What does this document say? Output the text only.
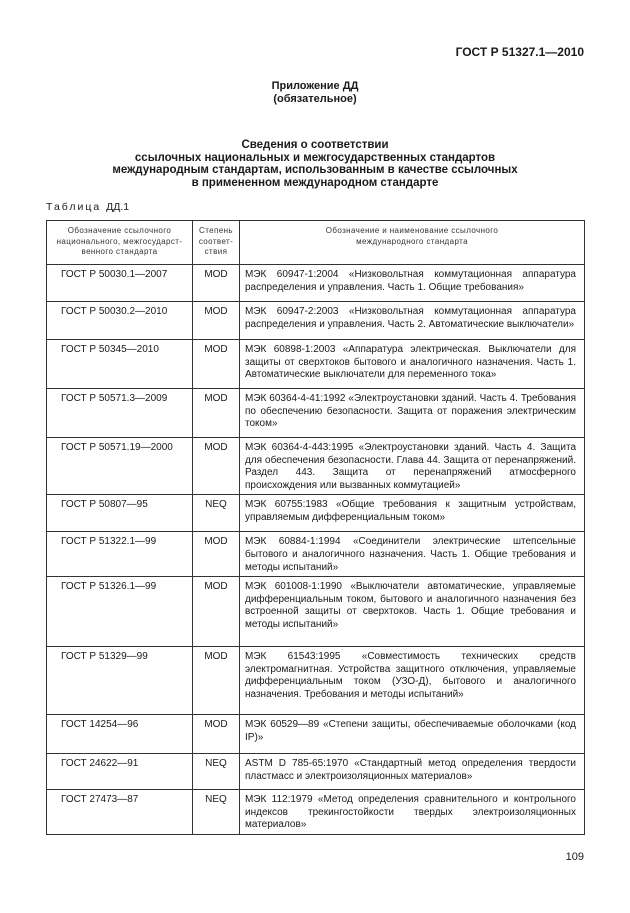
ГОСТ Р 51327.1—2010
Приложение ДД
(обязательное)
Сведения о соответствии
ссылочных национальных и межгосударственных стандартов
международным стандартам, использованным в качестве ссылочных
в примененном международном стандарте
Таблица ДД.1
Обозначение ссылочного национального, межгосударст-венного стандарта	Степень соответ-ствия	Обозначение и наименование ссылочного международного стандарта
ГОСТ Р 50030.1—2007	MOD	МЭК 60947-1:2004 «Низковольтная коммутационная аппаратура распределения и управления. Часть 1. Общие требования»
ГОСТ Р 50030.2—2010	MOD	МЭК 60947-2:2003 «Низковольтная коммутационная аппаратура распределения и управления. Часть 2. Автоматические выключатели»
ГОСТ Р 50345—2010	MOD	МЭК 60898-1:2003 «Аппаратура электрическая. Выключатели для защиты от сверхтоков бытового и аналогичного назначения. Часть 1. Автоматические выключатели для переменного тока»
ГОСТ Р 50571.3—2009	MOD	МЭК 60364-4-41:1992 «Электроустановки зданий. Часть 4. Требования по обеспечению безопасности. Защита от поражения электрическим током»
ГОСТ Р 50571.19—2000	MOD	МЭК 60364-4-443:1995 «Электроустановки зданий. Часть 4. Защита для обеспечения безопасности. Глава 44. Защита от перенапряжений. Раздел 443. Защита от перенапряжений атмосферного происхождения или вызванных коммутацией»
ГОСТ Р 50807—95	NEQ	МЭК 60755:1983 «Общие требования к защитным устройствам, управляемым дифференциальным током»
ГОСТ Р 51322.1—99	MOD	МЭК 60884-1:1994 «Соединители электрические штепсельные бытового и аналогичного назначения. Часть 1. Общие требования и методы испытаний»
ГОСТ Р 51326.1—99	MOD	МЭК 601008-1:1990 «Выключатели автоматические, управляемые дифференциальным током, бытового и аналогичного назначения без встроенной защиты от сверхтоков. Часть 1. Общие требования и методы испытаний»
ГОСТ Р 51329—99	MOD	МЭК 61543:1995 «Совместимость технических средств электромагнитная. Устройства защитного отключения, управляемые дифференциальным током (УЗО-Д), бытового и аналогичного назначения. Требования и методы испытаний»
ГОСТ 14254—96	MOD	МЭК 60529—89 «Степени защиты, обеспечиваемые оболочками (код IP)»
ГОСТ 24622—91	NEQ	ASTM D 785-65:1970 «Стандартный метод определения твердости пластмасс и электроизоляционных материалов»
ГОСТ 27473—87	NEQ	МЭК 112:1979 «Метод определения сравнительного и контрольного индексов трекингостойкости твердых электроизоляционных материалов»
109
